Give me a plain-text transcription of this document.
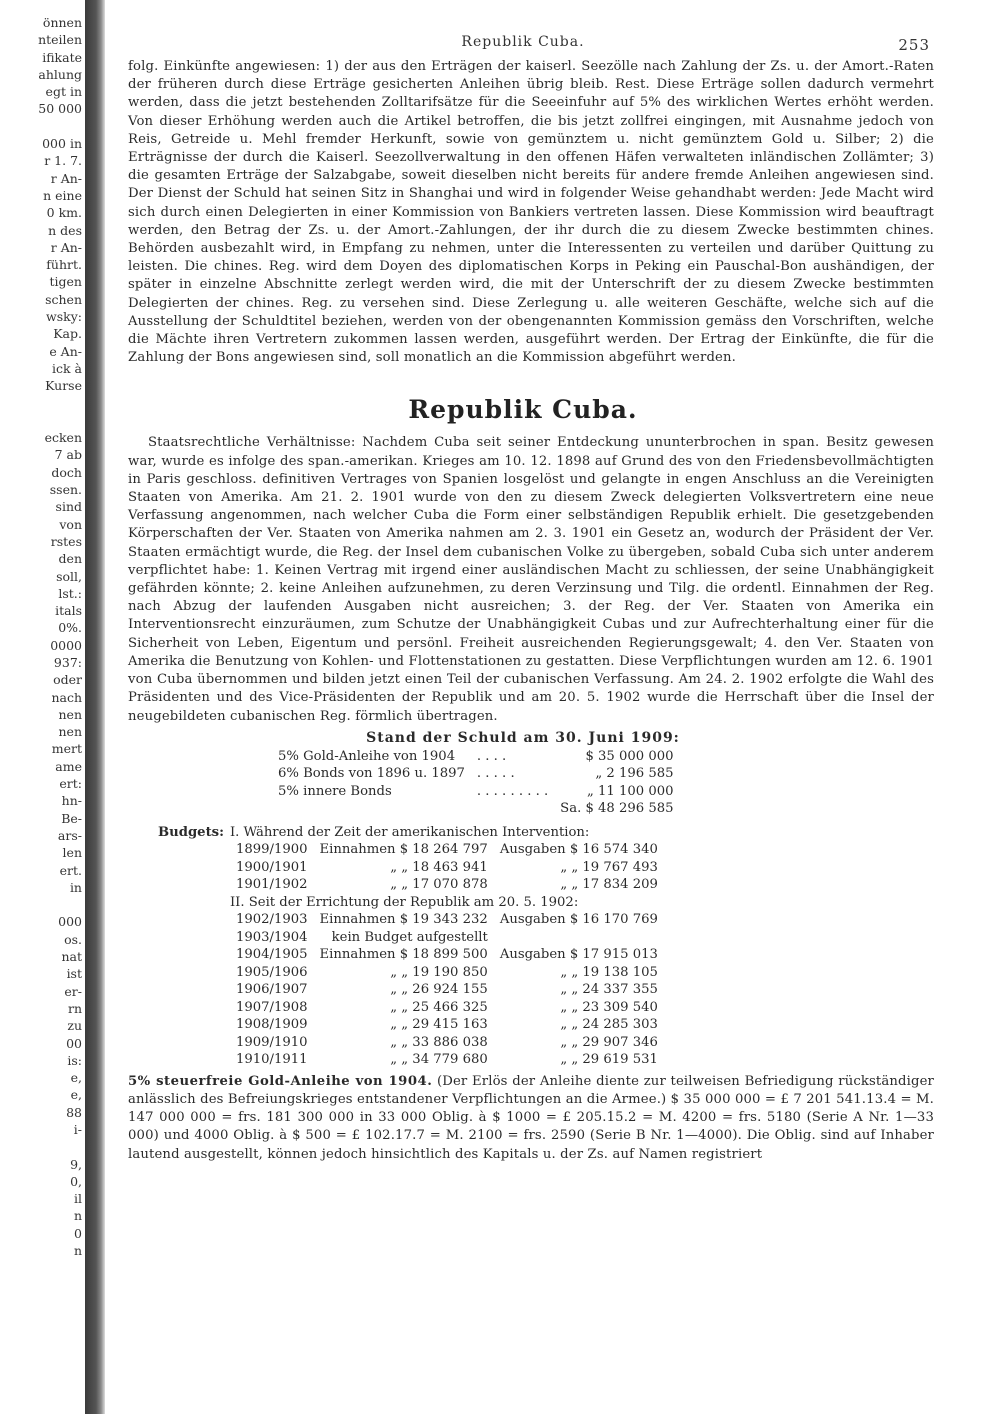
önnen
nteilen
ifikate
ahlung
egt in
50 000

000 in
r 1. 7.
r An-
n eine
0 km.
n des
r An-
führt.
tigen
schen
wsky:
Kap.
e An-
ick à
Kurse

ecken
7 ab
doch
ssen.
sind
von
rstes
den
soll,
lst.:
itals
0%.
0000
937:
oder
nach
nen
nen
mert
ame
ert:
hn-
Be-
ars-
len
ert.
in

000
os.
nat
ist
er-
rn
zu
00
is:
e,
e,
88
i-

9,
0,
il
n
0
n
Republik Cuba.	253

folg. Einkünfte angewiesen: 1) der aus den Erträgen der kaiserl. Seezölle nach Zahlung der Zs. u. der Amort.-Raten der früheren durch diese Erträge gesicherten Anleihen übrig bleib. Rest. Diese Erträge sollen dadurch vermehrt werden, dass die jetzt bestehenden Zolltarifsätze für die Seeeinfuhr auf 5% des wirklichen Wertes erhöht werden. Von dieser Erhöhung werden auch die Artikel betroffen, die bis jetzt zollfrei eingingen, mit Ausnahme jedoch von Reis, Getreide u. Mehl fremder Herkunft, sowie von gemünztem u. nicht gemünztem Gold u. Silber; 2) die Erträgnisse der durch die Kaiserl. Seezollverwaltung in den offenen Häfen verwalteten inländischen Zollämter; 3) die gesamten Erträge der Salzabgabe, soweit dieselben nicht bereits für andere fremde Anleihen angewiesen sind. Der Dienst der Schuld hat seinen Sitz in Shanghai und wird in folgender Weise gehandhabt werden: Jede Macht wird sich durch einen Delegierten in einer Kommission von Bankiers vertreten lassen. Diese Kommission wird beauftragt werden, den Betrag der Zs. u. der Amort.-Zahlungen, der ihr durch die zu diesem Zwecke bestimmten chines. Behörden ausbezahlt wird, in Empfang zu nehmen, unter die Interessenten zu verteilen und darüber Quittung zu leisten. Die chines. Reg. wird dem Doyen des diplomatischen Korps in Peking ein Pauschal-Bon aushändigen, der später in einzelne Abschnitte zerlegt werden wird, die mit der Unterschrift der zu diesem Zwecke bestimmten Delegierten der chines. Reg. zu versehen sind. Diese Zerlegung u. alle weiteren Geschäfte, welche sich auf die Ausstellung der Schuldtitel beziehen, werden von der obengenannten Kommission gemäss den Vorschriften, welche die Mächte ihren Vertretern zukommen lassen werden, ausgeführt werden. Der Ertrag der Einkünfte, die für die Zahlung der Bons angewiesen sind, soll monatlich an die Kommission abgeführt werden.

Republik Cuba.

Staatsrechtliche Verhältnisse: Nachdem Cuba seit seiner Entdeckung ununterbrochen in span. Besitz gewesen war, wurde es infolge des span.-amerikan. Krieges am 10. 12. 1898 auf Grund des von den Friedensbevollmächtigten in Paris geschloss. definitiven Vertrages von Spanien losgelöst und gelangte in engen Anschluss an die Vereinigten Staaten von Amerika. Am 21. 2. 1901 wurde von den zu diesem Zweck delegierten Volksvertretern eine neue Verfassung angenommen, nach welcher Cuba die Form einer selbständigen Republik erhielt. Die gesetzgebenden Körperschaften der Ver. Staaten von Amerika nahmen am 2. 3. 1901 ein Gesetz an, wodurch der Präsident der Ver. Staaten ermächtigt wurde, die Reg. der Insel dem cubanischen Volke zu übergeben, sobald Cuba sich unter anderem verpflichtet habe: 1. Keinen Vertrag mit irgend einer ausländischen Macht zu schliessen, der seine Unabhängigkeit gefährden könnte; 2. keine Anleihen aufzunehmen, zu deren Verzinsung und Tilg. die ordentl. Einnahmen der Reg. nach Abzug der laufenden Ausgaben nicht ausreichen; 3. der Reg. der Ver. Staaten von Amerika ein Interventionsrecht einzuräumen, zum Schutze der Unabhängigkeit Cubas und zur Aufrechterhaltung einer für die Sicherheit von Leben, Eigentum und persönl. Freiheit ausreichenden Regierungsgewalt; 4. den Ver. Staaten von Amerika die Benutzung von Kohlen- und Flottenstationen zu gestatten. Diese Verpflichtungen wurden am 12. 6. 1901 von Cuba übernommen und bilden jetzt einen Teil der cubanischen Verfassung. Am 24. 2. 1902 erfolgte die Wahl des Präsidenten und des Vice-Präsidenten der Republik und am 20. 5. 1902 wurde die Herrschaft über die Insel der neugebildeten cubanischen Reg. förmlich übertragen.

Stand der Schuld am 30. Juni 1909:
5% Gold-Anleihe von 1904	. . . .	$ 35 000 000
6% Bonds von 1896 u. 1897	. . . . .	„ 2 196 585
5% innere Bonds	. . . . . . . . .	„ 11 100 000
		Sa. $ 48 296 585
Budgets:	I. Während der Zeit der amerikanischen Intervention:		
	1899/1900	Einnahmen $ 18 264 797	Ausgaben $ 16 574 340
	1900/1901	„ „ 18 463 941	„ „ 19 767 493
	1901/1902	„ „ 17 070 878	„ „ 17 834 209
	II. Seit der Errichtung der Republik am 20. 5. 1902:		
	1902/1903	Einnahmen $ 19 343 232	Ausgaben $ 16 170 769
	1903/1904	kein Budget aufgestellt	
	1904/1905	Einnahmen $ 18 899 500	Ausgaben $ 17 915 013
	1905/1906	„ „ 19 190 850	„ „ 19 138 105
	1906/1907	„ „ 26 924 155	„ „ 24 337 355
	1907/1908	„ „ 25 466 325	„ „ 23 309 540
	1908/1909	„ „ 29 415 163	„ „ 24 285 303
	1909/1910	„ „ 33 886 038	„ „ 29 907 346
	1910/1911	„ „ 34 779 680	„ „ 29 619 531

5% steuerfreie Gold-Anleihe von 1904. (Der Erlös der Anleihe diente zur teilweisen Befriedigung rückständiger anlässlich des Befreiungskrieges entstandener Verpflichtungen an die Armee.) $ 35 000 000 = £ 7 201 541.13.4 = M. 147 000 000 = frs. 181 300 000 in 33 000 Oblig. à $ 1000 = £ 205.15.2 = M. 4200 = frs. 5180 (Serie A Nr. 1—33 000) und 4000 Oblig. à $ 500 = £ 102.17.7 = M. 2100 = frs. 2590 (Serie B Nr. 1—4000). Die Oblig. sind auf Inhaber lautend ausgestellt, können jedoch hinsichtlich des Kapitals u. der Zs. auf Namen registriert
